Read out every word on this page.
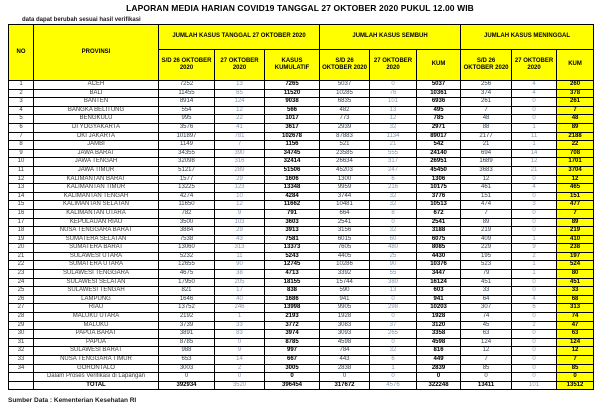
LAPORAN MEDIA HARIAN COVID19 TANGGAL 27 OKTOBER 2020 PUKUL 12.00 WIB
data dapat berubah sesuai hasil verifikasi
NO	PROVINSI	JUMLAH KASUS TANGGAL 27 OKTOBER 2020			JUMLAH KASUS SEMBUH			JUMLAH KASUS MENINGGAL		
		S/D 26 OKTOBER 2020	27 OKTOBER 2020	KASUS KUMULATIF	S/D 26 OKTOBER 2020	27 OKTOBER 2020	KUM	S/D 26 OKTOBER 2020	27 OKTOBER 2020	KUM
1	ACEH	7252	13	7265	5037	0	5037	256	4	260
2	BALI	11455	65	11520	10285	76	10361	374	4	378
3	BANTEN	8914	124	9038	6835	101	6936	261	0	261
4	BANGKA BELITUNG	554	12	566	482	13	495	7	0	7
5	BENGKULU	995	22	1017	773	12	785	48	0	48
6	DI YOGYAKARTA	3576	41	3617	2939	32	2971	88	1	89
7	DKI JAKARTA	101897	781	102678	87883	1134	89017	2177	11	2188
8	JAMBI	1149	7	1156	521	21	542	21	1	22
9	JAWA BARAT	34355	390	34745	23585	555	24140	694	14	708
10	JAWA TENGAH	32098	316	32414	26634	317	26951	1689	12	1701
11	JAWA TIMUR	51217	289	51506	45203	247	45450	3683	21	3704
12	KALIMANTAN BARAT	1577	29	1606	1300	6	1306	12	0	12
13	KALIMANTAN TIMUR	13225	123	13348	9959	216	10175	461	4	465
14	KALIMANTAN TENGAH	4274	10	4284	3744	32	3776	151	0	151
15	KALIMANTAN SELATAN	11650	12	11662	10481	32	10513	474	3	477
16	KALIMANTAN UTARA	782	9	791	664	8	672	7	0	7
17	KEPULAUAN RIAU	3500	103	3603	2541	0	2541	89	0	89
18	NUSA TENGGARA BARAT	3884	29	3913	3156	32	3188	219	0	219
19	SUMATERA SELATAN	7538	43	7581	6015	60	6075	409	1	410
20	SUMATERA BARAT	13060	313	13373	7605	480	8085	229	9	238
21	SULAWESI UTARA	5232	11	5243	4405	25	4430	195	2	197
22	SUMATERA UTARA	12655	90	12745	10286	90	10376	523	1	524
23	SULAWESI TENGGARA	4675	38	4713	3392	55	3447	79	1	80
24	SULAWESI SELATAN	17950	205	18155	15744	380	16124	451	0	451
25	SULAWESI TENGAH	821	17	838	590	13	603	33	0	33
26	LAMPUNG	1646	40	1686	941	0	941	64	4	68
27	RIAU	13752	246	13998	9905	298	10203	307	6	313
28	MALUKU UTARA	2192	1	2193	1928	0	1928	74	0	74
29	MALUKU	3739	33	3772	3083	37	3120	45	2	47
30	PAPUA BARAT	3891	83	3974	3093	265	3358	63	0	63
31	PAPUA	8785	0	8785	4598	0	4598	124	0	124
32	SULAWESI BARAT	988	9	997	784	32	816	12	0	12
33	NUSA TENGGARA TIMUR	653	14	667	443	6	449	7	0	7
34	GORONTALO	3003	2	3005	2838	1	2839	85	0	85
	Dalam Proses Verifikasi di Lapangan	0	0	0	0	0	0	0	0	0
	TOTAL	392934	3520	396454	317672	4576	322248	13411	101	13512
Sumber Data : Kementerian Kesehatan RI
